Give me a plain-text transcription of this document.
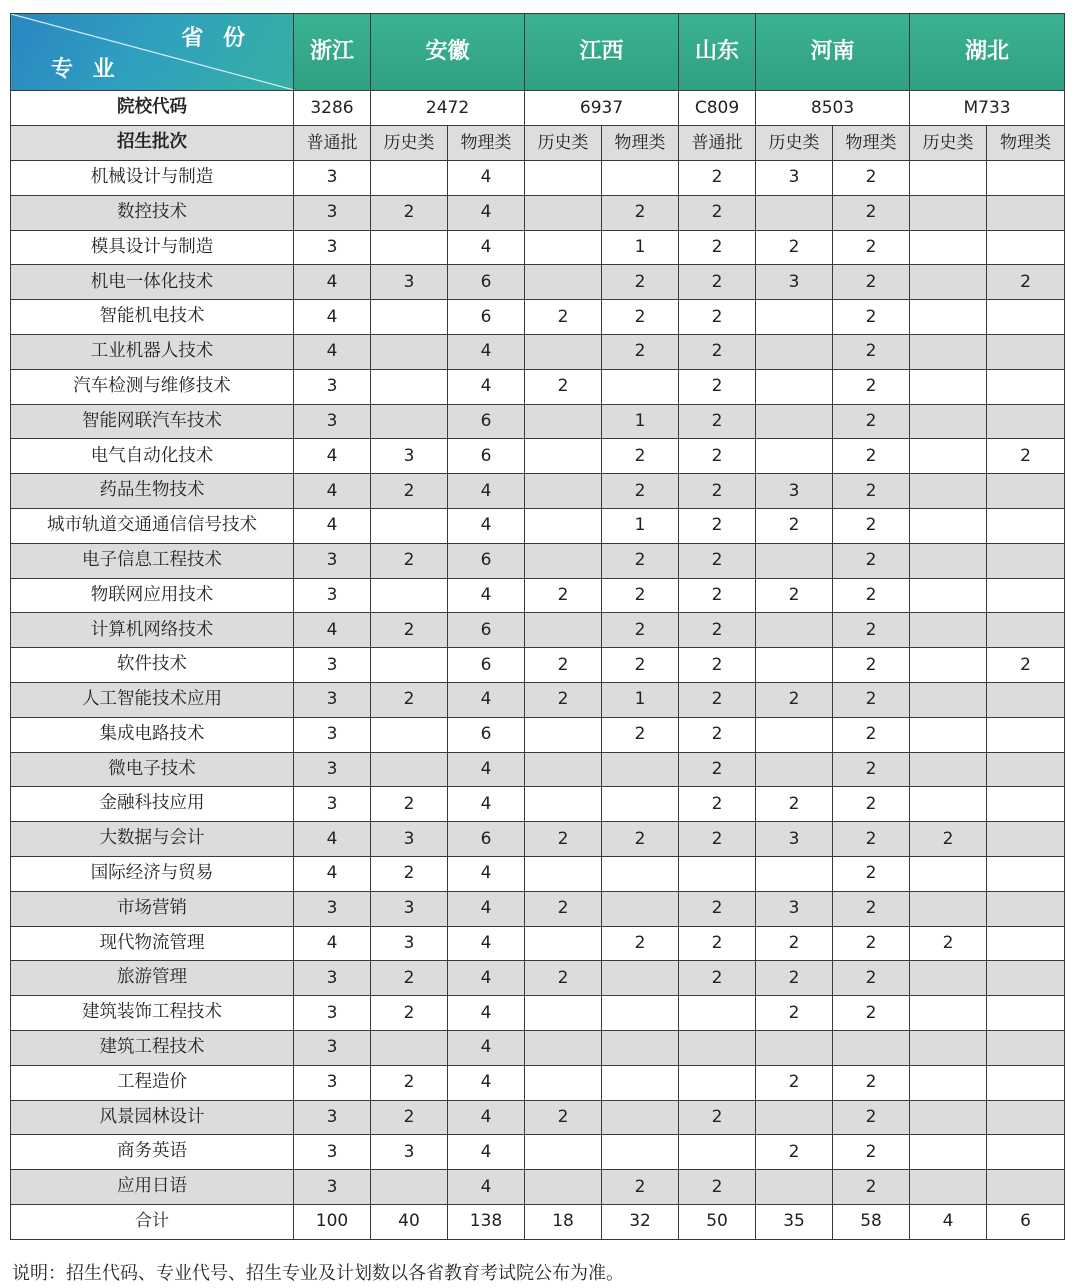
省 份
专 业	浙江	安徽		江西		山东	河南		湖北	
院校代码	3286	2472		6937		C809	8503		M733	
招生批次	普通批	历史类	物理类	历史类	物理类	普通批	历史类	物理类	历史类	物理类
机械设计与制造	3		4			2	3	2		
数控技术	3	2	4		2	2		2		
模具设计与制造	3		4		1	2	2	2		
机电一体化技术	4	3	6		2	2	3	2		2
智能机电技术	4		6	2	2	2		2		
工业机器人技术	4		4		2	2		2		
汽车检测与维修技术	3		4	2		2		2		
智能网联汽车技术	3		6		1	2		2		
电气自动化技术	4	3	6		2	2		2		2
药品生物技术	4	2	4		2	2	3	2		
城市轨道交通通信信号技术	4		4		1	2	2	2		
电子信息工程技术	3	2	6		2	2		2		
物联网应用技术	3		4	2	2	2	2	2		
计算机网络技术	4	2	6		2	2		2		
软件技术	3		6	2	2	2		2		2
人工智能技术应用	3	2	4	2	1	2	2	2		
集成电路技术	3		6		2	2		2		
微电子技术	3		4			2		2		
金融科技应用	3	2	4			2	2	2		
大数据与会计	4	3	6	2	2	2	3	2	2	
国际经济与贸易	4	2	4					2		
市场营销	3	3	4	2		2	3	2		
现代物流管理	4	3	4		2	2	2	2	2	
旅游管理	3	2	4	2		2	2	2		
建筑装饰工程技术	3	2	4				2	2		
建筑工程技术	3		4							
工程造价	3	2	4				2	2		
风景园林设计	3	2	4	2		2		2		
商务英语	3	3	4				2	2		
应用日语	3		4		2	2		2		
合计	100	40	138	18	32	50	35	58	4	6
说明：招生代码、专业代号、招生专业及计划数以各省教育考试院公布为准。
